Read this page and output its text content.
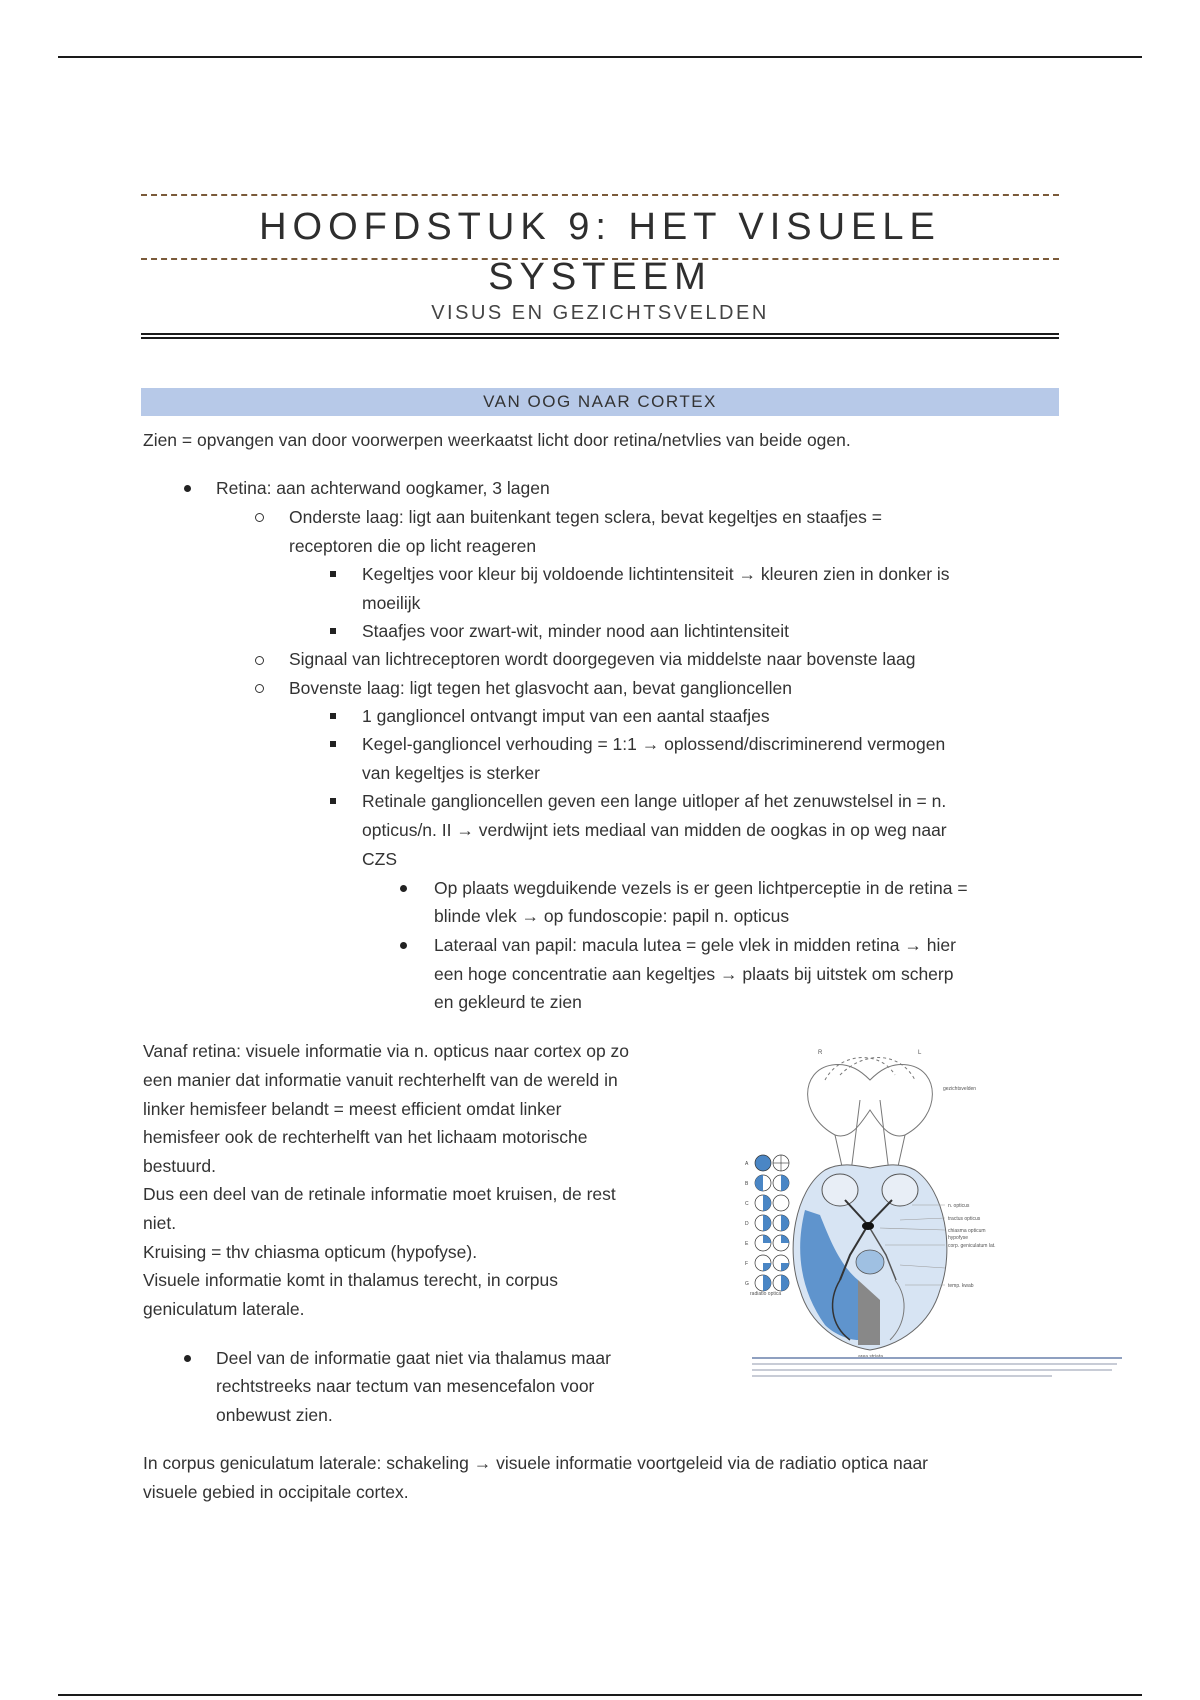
HOOFDSTUK 9: HET VISUELE SYSTEEM
VISUS EN GEZICHTSVELDEN
VAN OOG NAAR CORTEX
Zien = opvangen van door voorwerpen weerkaatst licht door retina/netvlies van beide ogen.
Retina: aan achterwand oogkamer, 3 lagen
Onderste laag: ligt aan buitenkant tegen sclera, bevat kegeltjes en staafjes =
receptoren die op licht reageren
Kegeltjes voor kleur bij voldoende lichtintensiteit → kleuren zien in donker is
moeilijk
Staafjes voor zwart-wit, minder nood aan lichtintensiteit
Signaal van lichtreceptoren wordt doorgegeven via middelste naar bovenste laag
Bovenste laag: ligt tegen het glasvocht aan, bevat ganglioncellen
1 ganglioncel ontvangt imput van een aantal staafjes
Kegel-ganglioncel verhouding = 1:1 → oplossend/discriminerend vermogen
van kegeltjes is sterker
Retinale ganglioncellen geven een lange uitloper af het zenuwstelsel in = n.
opticus/n. II → verdwijnt iets mediaal van midden de oogkas in op weg naar
CZS
Op plaats wegduikende vezels is er geen lichtperceptie in de retina =
blinde vlek → op fundoscopie: papil n. opticus
Lateraal van papil: macula lutea = gele vlek in midden retina → hier
een hoge concentratie aan kegeltjes → plaats bij uitstek om scherp
en gekleurd te zien
Vanaf retina: visuele informatie via n. opticus naar cortex op zo
een manier dat informatie vanuit rechterhelft van de wereld in
linker hemisfeer belandt = meest efficient omdat linker
hemisfeer ook de rechterhelft van het lichaam motorische
bestuurd.
Dus een deel van de retinale informatie moet kruisen, de rest
niet.
Kruising = thv chiasma opticum (hypofyse).
Visuele informatie komt in thalamus terecht, in corpus
geniculatum laterale.
Deel van de informatie gaat niet via thalamus maar
rechtstreeks naar tectum van mesencefalon voor
onbewust zien.
In corpus geniculatum laterale: schakeling → visuele informatie voortgeleid via de radiatio optica naar
visuele gebied in occipitale cortex.
R	L
gezichtsvelden
n. opticus
tractus opticus
chiasma opticum
hypofyse
corp. geniculatum lat.
temp. kwab
radiatio optica
A
B
C
D
E
F
G
